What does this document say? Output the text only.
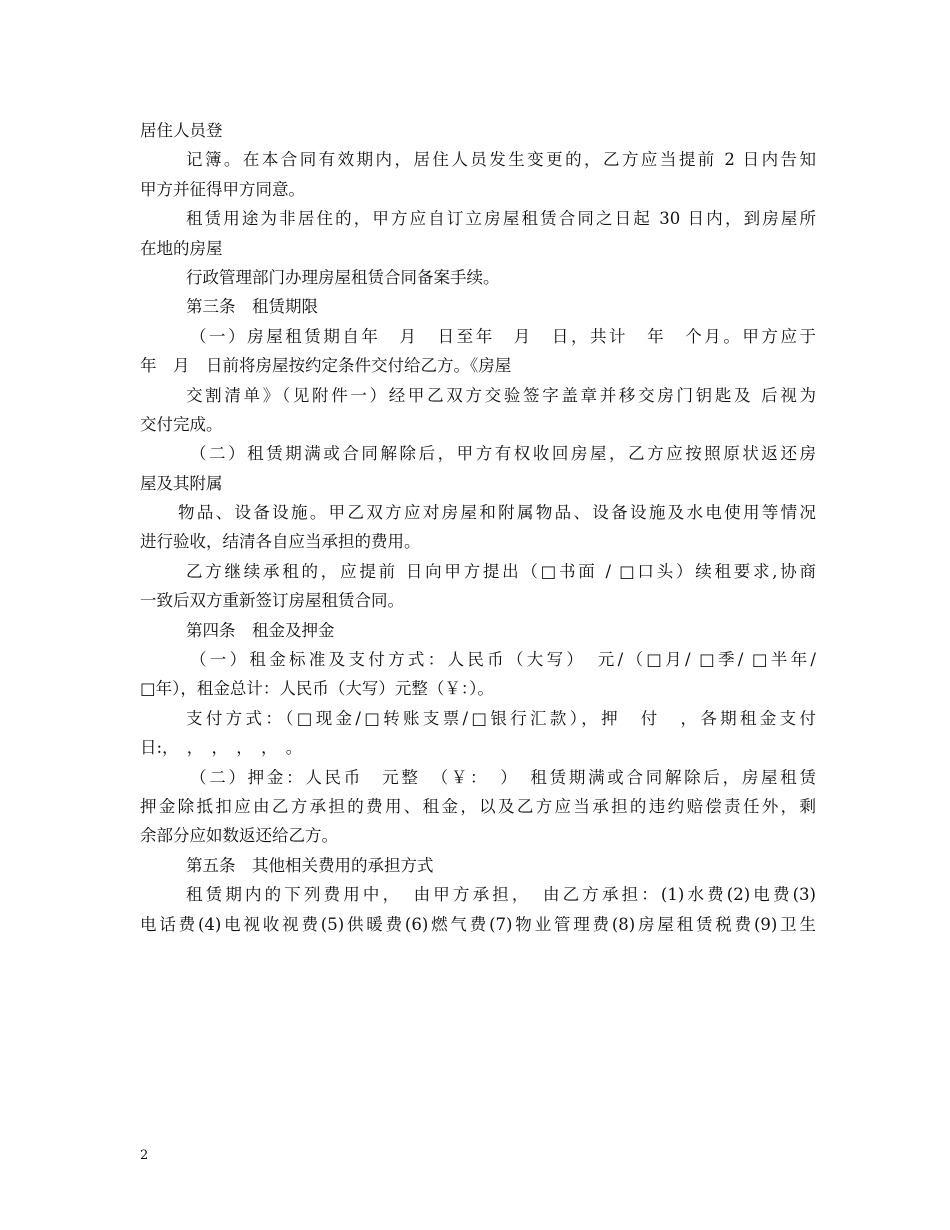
居住人员登
记簿。在本合同有效期内，居住人员发生变更的，乙方应当提前 2 日内告知
甲方并征得甲方同意。
租赁用途为非居住的，甲方应自订立房屋租赁合同之日起 30 日内，到房屋所
在地的房屋
行政管理部门办理房屋租赁合同备案手续。
第三条　租赁期限
（一）房屋租赁期自年　月　日至年　月　日，共计　年　个月。甲方应于
年　月　日前将房屋按约定条件交付给乙方。《房屋
交割清单》（见附件一）经甲乙双方交验签字盖章并移交房门钥匙及 后视为
交付完成。
（二）租赁期满或合同解除后，甲方有权收回房屋，乙方应按照原状返还房
屋及其附属
物品、设备设施。甲乙双方应对房屋和附属物品、设备设施及水电使用等情况
进行验收，结清各自应当承担的费用。
乙方继续承租的，应提前 日向甲方提出（□书面 / □口头）续租要求,协商
一致后双方重新签订房屋租赁合同。
第四条　租金及押金
（一）租金标准及支付方式：人民币（大写）　元/（□月/ □季/ □半年/
□年），租金总计：人民币（大写）元整（￥：）。
支付方式：（□现金/□转账支票/□银行汇款），押　付　，各期租金支付
日:，　，　，　，　，　。
（二）押金：人民币　元整　（￥：　）　租赁期满或合同解除后，房屋租赁
押金除抵扣应由乙方承担的费用、租金，以及乙方应当承担的违约赔偿责任外，剩
余部分应如数返还给乙方。
第五条　其他相关费用的承担方式
租赁期内的下列费用中，　由甲方承担，　由乙方承担：(1)水费(2)电费(3)
电话费(4)电视收视费(5)供暖费(6)燃气费(7)物业管理费(8)房屋租赁税费(9)卫生
2
